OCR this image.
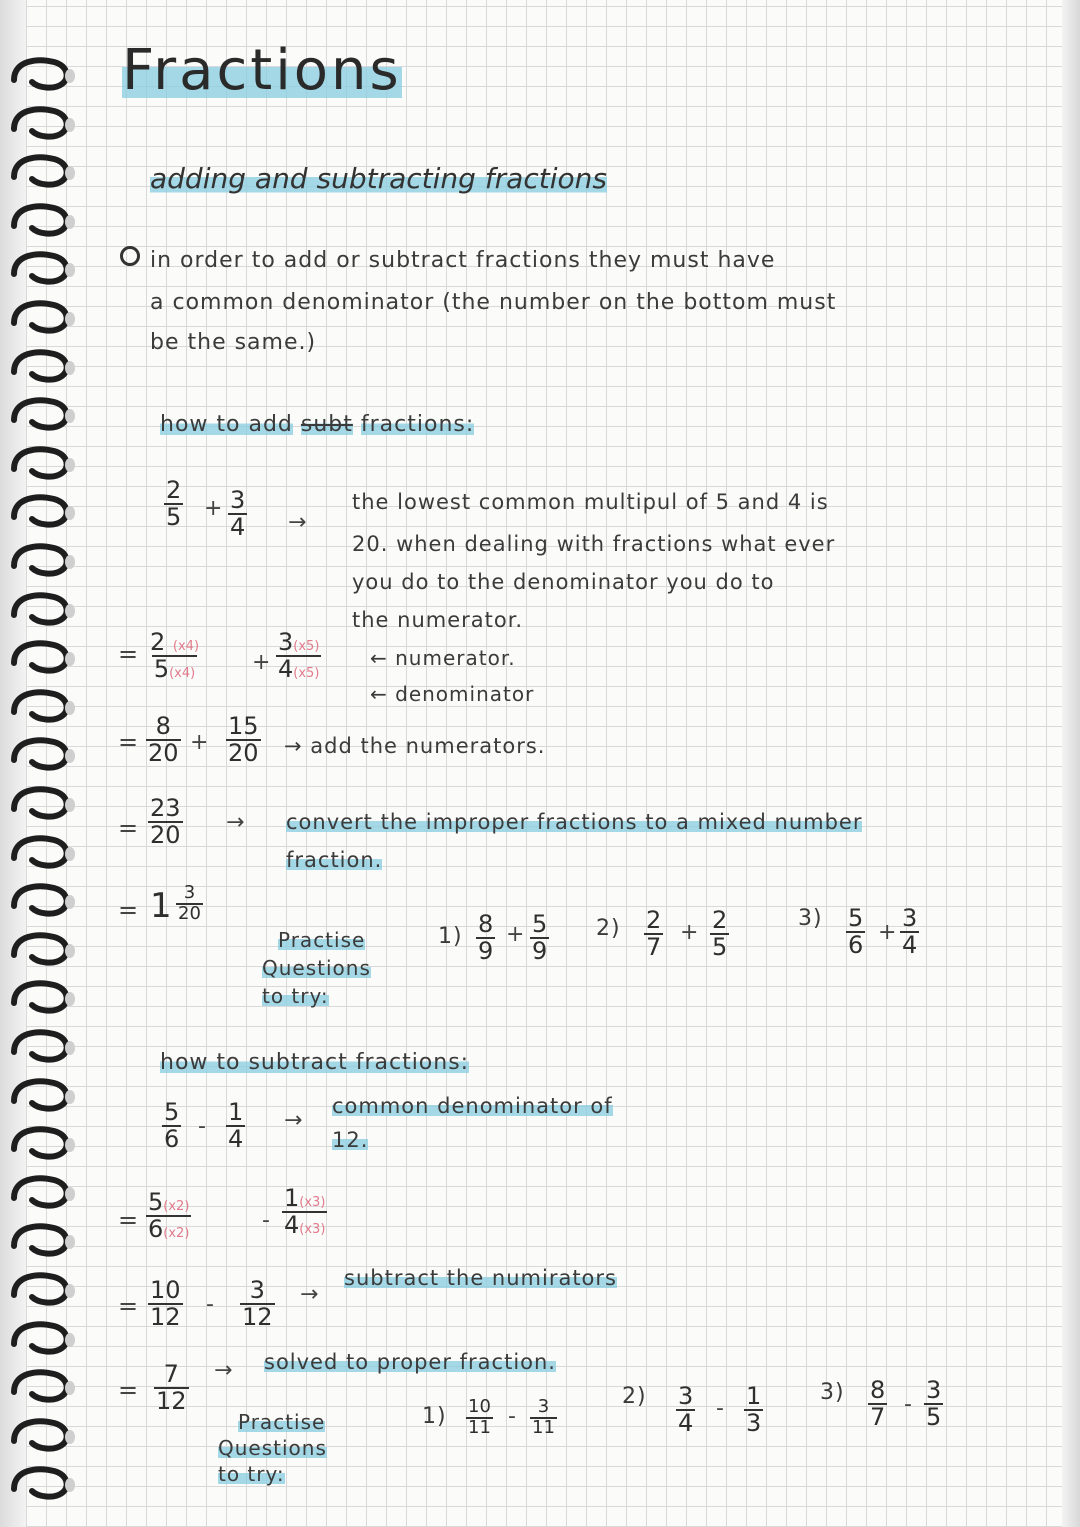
Fractions
adding and subtracting fractions
in order to add or subtract fractions they must have
a common denominator (the number on the bottom must
be the same.)
how to add subt fractions:
$\frac{2}{5} + \frac{3}{4}$ →
the lowest common multipul of 5 and 4 is
20. when dealing with fractions what ever
you do to the denominator you do to
the numerator.
= $\frac{2 (x4)}{5(x4)} + \frac{3(x5)}{4(x5)}$ ← numerator.
← denominator
= $\frac{8}{20} + \frac{15}{20}$ → add the numerators.
= $\frac{23}{20}$ → convert the improper fractions to a mixed number
fraction.
= $1 \frac{3}{20}$
Practise
Questions
to try:
$1) \frac{8}{9} + \frac{5}{9} 2) \frac{2}{7} + \frac{2}{5}$	$3) \frac{5}{6} + \frac{3}{4}$
how to subtract fractions:
$\frac{5}{6} - \frac{1}{4}$ →
common denominator of
12.
= $\frac{5(x2)}{6(x2)}$	- $\frac{1(x3)}{4(x3)}$
= $\frac{10}{12} - \frac{3}{12}$ →
subtract the numirators
= $\frac{7}{12}$ → solved to proper fraction.
Practise
Questions
to try:
$1) \frac{10}{11} - \frac{3}{11}$
$2) \frac{3}{4} - \frac{1}{3}$	$3) \frac{8}{7} - \frac{3}{5}$
